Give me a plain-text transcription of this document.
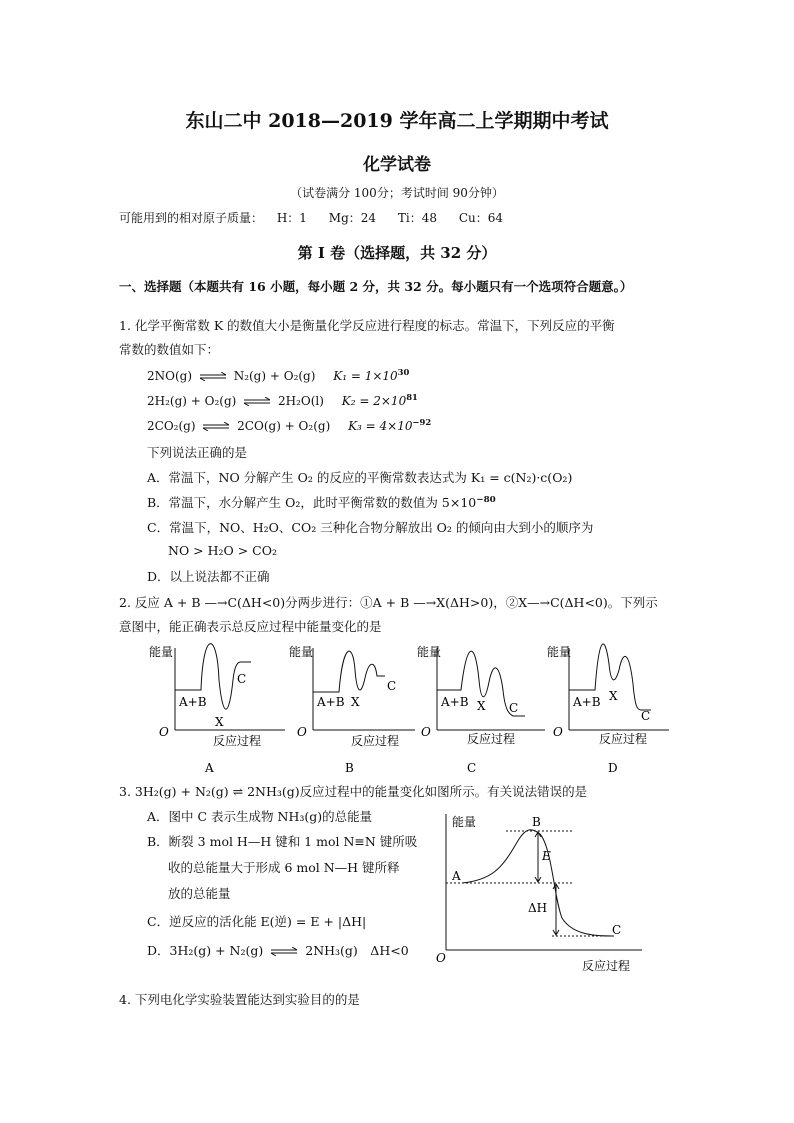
东山二中 2018—2019 学年高二上学期期中考试
化学试卷
（试卷满分 100分；考试时间 90分钟）
可能用到的相对原子质量： H：1 Mg：24 Ti：48 Cu：64
第 I 卷（选择题，共 32 分）
一、选择题（本题共有 16 小题，每小题 2 分，共 32 分。每小题只有一个选项符合题意。）
1. 化学平衡常数 K 的数值大小是衡量化学反应进行程度的标志。常温下，下列反应的平衡
常数的数值如下：
2NO(g) ⇌ N₂(g) + O₂(g) $K_1 = 1\times 10^{30}$
2H₂(g) + O₂(g) ⇌ 2H₂O(l) $K_2 = 2\times 10^{81}$
2CO₂(g) ⇌ 2CO(g) + O₂(g) $K_3 = 4\times 10^{-92}$
下列说法正确的是
A．常温下，NO 分解产生 O₂ 的反应的平衡常数表达式为 K₁ = c(N₂)·c(O₂)
B．常温下，水分解产生 O₂，此时平衡常数的数值为 $5\times 10^{-80}$
C．常温下，NO、H₂O、CO₂ 三种化合物分解放出 O₂ 的倾向由大到小的顺序为
NO > H₂O > CO₂
D．以上说法都不正确
2. 反应 A + B —→C(ΔH<0)分两步进行：①A + B —→X(ΔH>0)，②X—→C(ΔH<0)。下列示
意图中，能正确表示总反应过程中能量变化的是
能量
O
A+B
C
X
反应过程
A
能量
O
A+B
C
X
反应过程
B
能量
O
A+B X C
反应过程
C
能量
O
A+B X
C
反应过程
D
3. 3H₂(g) + N₂(g) ⇌ 2NH₃(g)反应过程中的能量变化如图所示。有关说法错误的是
A．图中 C 表示生成物 NH₃(g)的总能量
B．断裂 3 mol H—H 键和 1 mol N≡N 键所吸
收的总能量大于形成 6 mol N—H 键所释
放的总能量
C．逆反应的活化能 E(逆) = E + |ΔH|
D．3H₂(g) + N₂(g) ⇌ 2NH₃(g)　ΔH<0
能量
O
反应过程
A
B
C
E
ΔH
4. 下列电化学实验装置能达到实验目的的是
